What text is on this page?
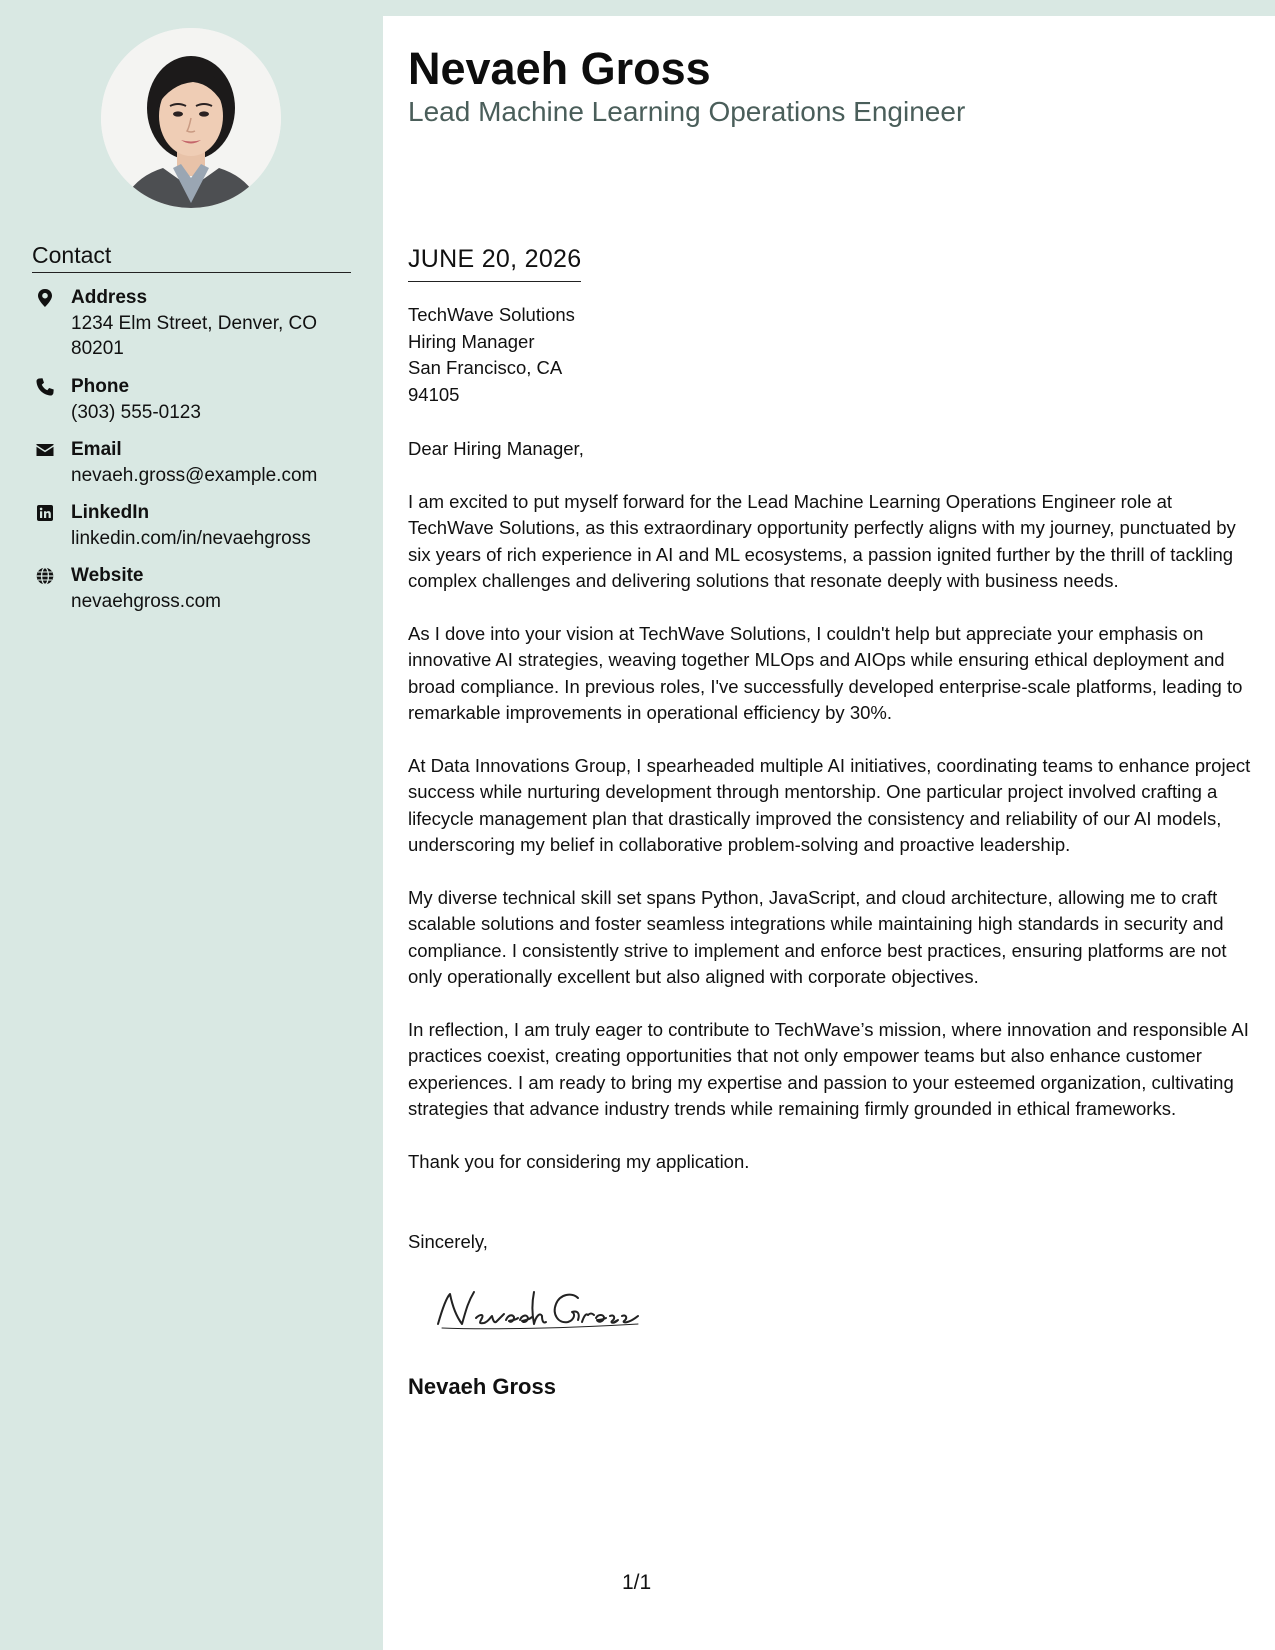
Nevaeh Gross
Lead Machine Learning Operations Engineer
Contact
Address
1234 Elm Street, Denver, CO 80201
Phone
(303) 555-0123
Email
nevaeh.gross@example.com
LinkedIn
linkedin.com/in/nevaehgross
Website
nevaehgross.com
JUNE 20, 2026
TechWave Solutions
Hiring Manager
San Francisco, CA
94105
Dear Hiring Manager,
I am excited to put myself forward for the Lead Machine Learning Operations Engineer role at TechWave Solutions, as this extraordinary opportunity perfectly aligns with my journey, punctuated by six years of rich experience in AI and ML ecosystems, a passion ignited further by the thrill of tackling complex challenges and delivering solutions that resonate deeply with business needs.
As I dove into your vision at TechWave Solutions, I couldn't help but appreciate your emphasis on innovative AI strategies, weaving together MLOps and AIOps while ensuring ethical deployment and broad compliance. In previous roles, I've successfully developed enterprise-scale platforms, leading to remarkable improvements in operational efficiency by 30%.
At Data Innovations Group, I spearheaded multiple AI initiatives, coordinating teams to enhance project success while nurturing development through mentorship. One particular project involved crafting a lifecycle management plan that drastically improved the consistency and reliability of our AI models, underscoring my belief in collaborative problem-solving and proactive leadership.
My diverse technical skill set spans Python, JavaScript, and cloud architecture, allowing me to craft scalable solutions and foster seamless integrations while maintaining high standards in security and compliance. I consistently strive to implement and enforce best practices, ensuring platforms are not only operationally excellent but also aligned with corporate objectives.
In reflection, I am truly eager to contribute to TechWave’s mission, where innovation and responsible AI practices coexist, creating opportunities that not only empower teams but also enhance customer experiences. I am ready to bring my expertise and passion to your esteemed organization, cultivating strategies that advance industry trends while remaining firmly grounded in ethical frameworks.
Thank you for considering my application.
Sincerely,
Nevaeh Gross
1/1
